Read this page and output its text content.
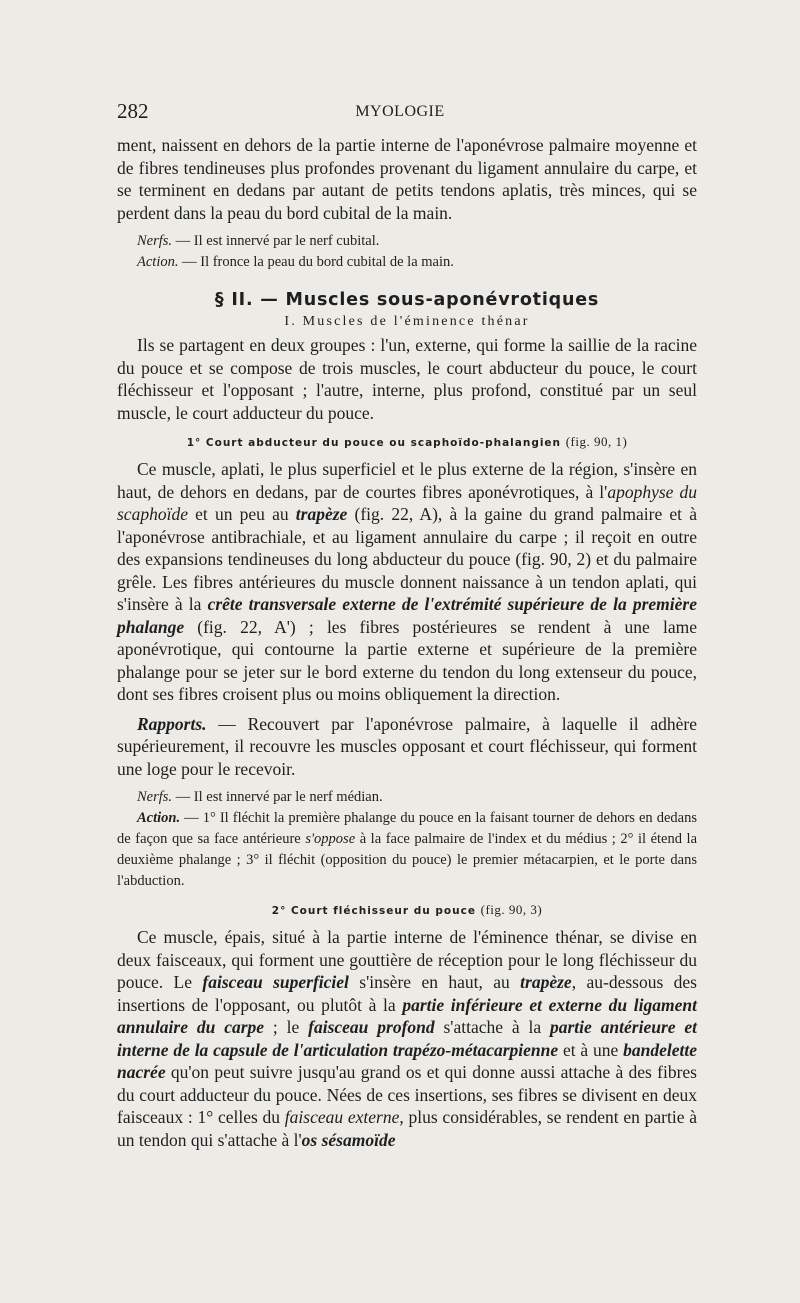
282	MYOLOGIE

ment, naissent en dehors de la partie interne de l'aponévrose palmaire moyenne et de fibres tendineuses plus profondes provenant du ligament annulaire du carpe, et se terminent en dedans par autant de petits tendons aplatis, très minces, qui se perdent dans la peau du bord cubital de la main.

Nerfs. — Il est innervé par le nerf cubital.

Action. — Il fronce la peau du bord cubital de la main.

§ II. — Muscles sous-aponévrotiques
I. Muscles de l'éminence thénar

Ils se partagent en deux groupes : l'un, externe, qui forme la saillie de la racine du pouce et se compose de trois muscles, le court abducteur du pouce, le court fléchisseur et l'opposant ; l'autre, interne, plus profond, constitué par un seul muscle, le court adducteur du pouce.

1° Court abducteur du pouce ou scaphoïdo-phalangien (fig. 90, 1)

Ce muscle, aplati, le plus superficiel et le plus externe de la région, s'insère en haut, de dehors en dedans, par de courtes fibres aponévrotiques, à l'apophyse du scaphoïde et un peu au trapèze (fig. 22, A), à la gaine du grand palmaire et à l'aponévrose antibrachiale, et au ligament annulaire du carpe ; il reçoit en outre des expansions tendineuses du long abducteur du pouce (fig. 90, 2) et du palmaire grêle. Les fibres antérieures du muscle donnent naissance à un tendon aplati, qui s'insère à la crête transversale externe de l'extrémité supérieure de la première phalange (fig. 22, A') ; les fibres postérieures se rendent à une lame aponévrotique, qui contourne la partie externe et supérieure de la première phalange pour se jeter sur le bord externe du tendon du long extenseur du pouce, dont ses fibres croisent plus ou moins obliquement la direction.

Rapports. — Recouvert par l'aponévrose palmaire, à laquelle il adhère supérieurement, il recouvre les muscles opposant et court fléchisseur, qui forment une loge pour le recevoir.

Nerfs. — Il est innervé par le nerf médian.

Action. — 1° Il fléchit la première phalange du pouce en la faisant tourner de dehors en dedans de façon que sa face antérieure s'oppose à la face palmaire de l'index et du médius ; 2° il étend la deuxième phalange ; 3° il fléchit (opposition du pouce) le premier métacarpien, et le porte dans l'abduction.

2° Court fléchisseur du pouce (fig. 90, 3)

Ce muscle, épais, situé à la partie interne de l'éminence thénar, se divise en deux faisceaux, qui forment une gouttière de réception pour le long fléchisseur du pouce. Le faisceau superficiel s'insère en haut, au trapèze, au-dessous des insertions de l'opposant, ou plutôt à la partie inférieure et externe du ligament annulaire du carpe ; le faisceau profond s'attache à la partie antérieure et interne de la capsule de l'articulation trapézo-métacarpienne et à une bandelette nacrée qu'on peut suivre jusqu'au grand os et qui donne aussi attache à des fibres du court adducteur du pouce. Nées de ces insertions, ses fibres se divisent en deux faisceaux : 1° celles du faisceau externe, plus considérables, se rendent en partie à un tendon qui s'attache à l'os sésamoïde
